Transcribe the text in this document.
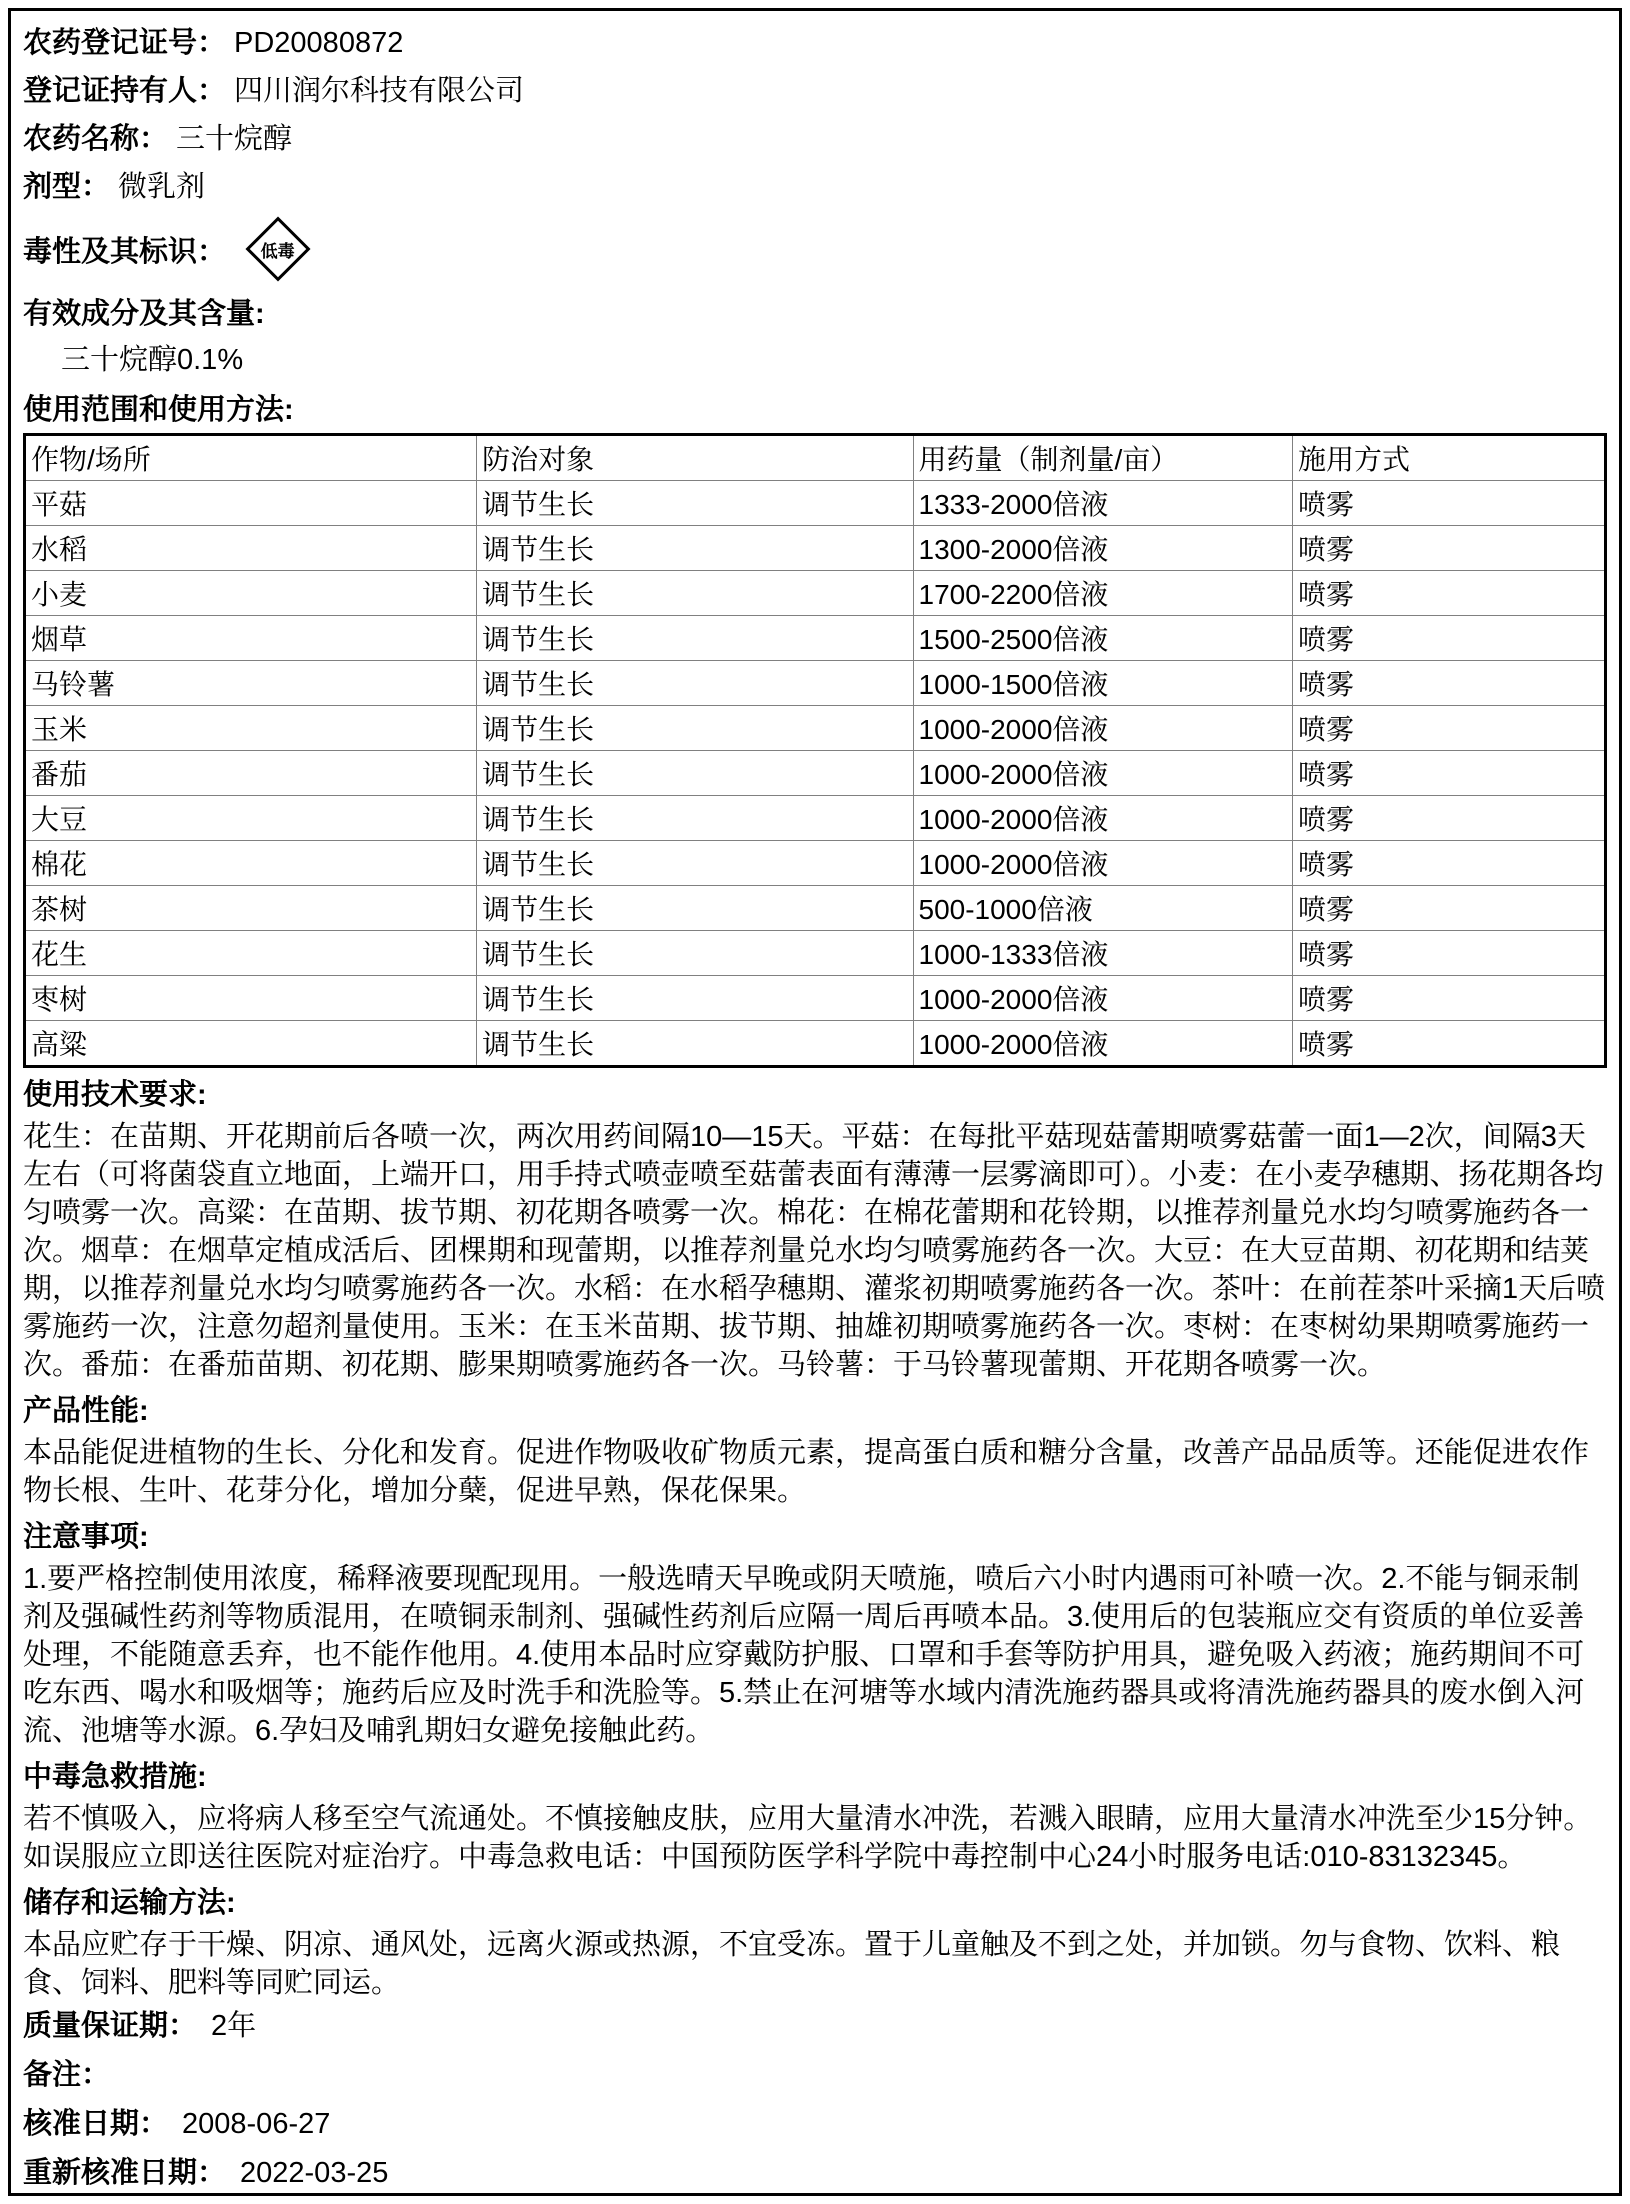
农药登记证号： PD20080872
登记证持有人： 四川润尔科技有限公司
农药名称： 三十烷醇
剂型： 微乳剂
毒性及其标识： 低毒
有效成分及其含量:
三十烷醇0.1%
使用范围和使用方法:
作物/场所	防治对象	用药量（制剂量/亩）	施用方式
平菇	调节生长	1333-2000倍液	喷雾
水稻	调节生长	1300-2000倍液	喷雾
小麦	调节生长	1700-2200倍液	喷雾
烟草	调节生长	1500-2500倍液	喷雾
马铃薯	调节生长	1000-1500倍液	喷雾
玉米	调节生长	1000-2000倍液	喷雾
番茄	调节生长	1000-2000倍液	喷雾
大豆	调节生长	1000-2000倍液	喷雾
棉花	调节生长	1000-2000倍液	喷雾
茶树	调节生长	500-1000倍液	喷雾
花生	调节生长	1000-1333倍液	喷雾
枣树	调节生长	1000-2000倍液	喷雾
高粱	调节生长	1000-2000倍液	喷雾
使用技术要求:
花生：在苗期、开花期前后各喷一次，两次用药间隔10—15天。平菇：在每批平菇现菇蕾期喷雾菇蕾一面1—2次，间隔3天左右（可将菌袋直立地面，上端开口，用手持式喷壶喷至菇蕾表面有薄薄一层雾滴即可）。小麦：在小麦孕穗期、扬花期各均匀喷雾一次。高粱：在苗期、拔节期、初花期各喷雾一次。棉花：在棉花蕾期和花铃期，以推荐剂量兑水均匀喷雾施药各一次。烟草：在烟草定植成活后、团棵期和现蕾期，以推荐剂量兑水均匀喷雾施药各一次。大豆：在大豆苗期、初花期和结荚期，以推荐剂量兑水均匀喷雾施药各一次。水稻：在水稻孕穗期、灌浆初期喷雾施药各一次。茶叶：在前茬茶叶采摘1天后喷雾施药一次，注意勿超剂量使用。玉米：在玉米苗期、拔节期、抽雄初期喷雾施药各一次。枣树：在枣树幼果期喷雾施药一次。番茄：在番茄苗期、初花期、膨果期喷雾施药各一次。马铃薯：于马铃薯现蕾期、开花期各喷雾一次。
产品性能:
本品能促进植物的生长、分化和发育。促进作物吸收矿物质元素，提高蛋白质和糖分含量，改善产品品质等。还能促进农作物长根、生叶、花芽分化，增加分蘖，促进早熟，保花保果。
注意事项:
1.要严格控制使用浓度，稀释液要现配现用。一般选晴天早晚或阴天喷施，喷后六小时内遇雨可补喷一次。2.不能与铜汞制剂及强碱性药剂等物质混用，在喷铜汞制剂、强碱性药剂后应隔一周后再喷本品。3.使用后的包装瓶应交有资质的单位妥善处理，不能随意丢弃，也不能作他用。4.使用本品时应穿戴防护服、口罩和手套等防护用具，避免吸入药液；施药期间不可吃东西、喝水和吸烟等；施药后应及时洗手和洗脸等。5.禁止在河塘等水域内清洗施药器具或将清洗施药器具的废水倒入河流、池塘等水源。6.孕妇及哺乳期妇女避免接触此药。
中毒急救措施:
若不慎吸入，应将病人移至空气流通处。不慎接触皮肤，应用大量清水冲洗，若溅入眼睛，应用大量清水冲洗至少15分钟。如误服应立即送往医院对症治疗。中毒急救电话：中国预防医学科学院中毒控制中心24小时服务电话:010-83132345。
储存和运输方法:
本品应贮存于干燥、阴凉、通风处，远离火源或热源，不宜受冻。置于儿童触及不到之处，并加锁。勿与食物、饮料、粮食、饲料、肥料等同贮同运。
质量保证期： 2年
备注：
核准日期： 2008-06-27
重新核准日期： 2022-03-25
